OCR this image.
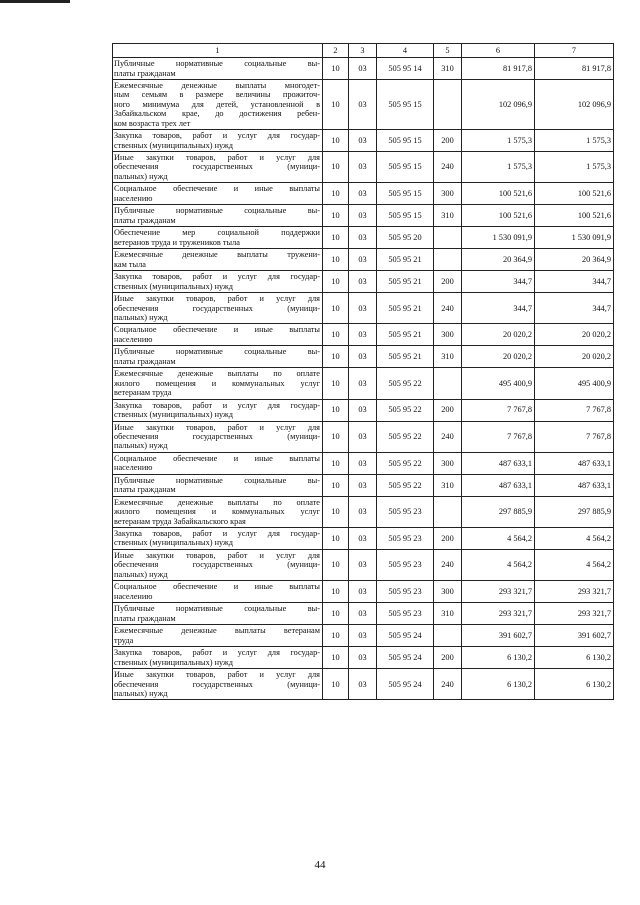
1	2	3	4	5	6	7

Публичные нормативные социальные вы-
платы гражданам	10	03	505 95 14	310	81 917,8	81 917,8

Ежемесячные денежные выплаты многодет-
ным семьям в размере величины прожиточ-
ного минимума для детей, установленной в
Забайкальском крае, до достижения ребен-
ком возраста трех лет	10	03	505 95 15		102 096,9	102 096,9

Закупка товаров, работ и услуг для государ-
ственных (муниципальных) нужд	10	03	505 95 15	200	1 575,3	1 575,3

Иные закупки товаров, работ и услуг для
обеспечения государственных (муници-
пальных) нужд	10	03	505 95 15	240	1 575,3	1 575,3

Социальное обеспечение и иные выплаты
населению	10	03	505 95 15	300	100 521,6	100 521,6

Публичные нормативные социальные вы-
платы гражданам	10	03	505 95 15	310	100 521,6	100 521,6

Обеспечение мер социальной поддержки
ветеранов труда и тружеников тыла	10	03	505 95 20		1 530 091,9	1 530 091,9

Ежемесячные денежные выплаты тружени-
кам тыла	10	03	505 95 21		20 364,9	20 364,9

Закупка товаров, работ и услуг для государ-
ственных (муниципальных) нужд	10	03	505 95 21	200	344,7	344,7

Иные закупки товаров, работ и услуг для
обеспечения государственных (муници-
пальных) нужд	10	03	505 95 21	240	344,7	344,7

Социальное обеспечение и иные выплаты
населению	10	03	505 95 21	300	20 020,2	20 020,2

Публичные нормативные социальные вы-
платы гражданам	10	03	505 95 21	310	20 020,2	20 020,2

Ежемесячные денежные выплаты по оплате
жилого помещения и коммунальных услуг
ветеранам труда	10	03	505 95 22		495 400,9	495 400,9

Закупка товаров, работ и услуг для государ-
ственных (муниципальных) нужд	10	03	505 95 22	200	7 767,8	7 767,8

Иные закупки товаров, работ и услуг для
обеспечения государственных (муници-
пальных) нужд	10	03	505 95 22	240	7 767,8	7 767,8

Социальное обеспечение и иные выплаты
населению	10	03	505 95 22	300	487 633,1	487 633,1

Публичные нормативные социальные вы-
платы гражданам	10	03	505 95 22	310	487 633,1	487 633,1

Ежемесячные денежные выплаты по оплате
жилого помещения и коммунальных услуг
ветеранам труда Забайкальского края	10	03	505 95 23		297 885,9	297 885,9

Закупка товаров, работ и услуг для государ-
ственных (муниципальных) нужд	10	03	505 95 23	200	4 564,2	4 564,2

Иные закупки товаров, работ и услуг для
обеспечения государственных (муници-
пальных) нужд	10	03	505 95 23	240	4 564,2	4 564,2

Социальное обеспечение и иные выплаты
населению	10	03	505 95 23	300	293 321,7	293 321,7

Публичные нормативные социальные вы-
платы гражданам	10	03	505 95 23	310	293 321,7	293 321,7

Ежемесячные денежные выплаты ветеранам
труда	10	03	505 95 24		391 602,7	391 602,7

Закупка товаров, работ и услуг для государ-
ственных (муниципальных) нужд	10	03	505 95 24	200	6 130,2	6 130,2

Иные закупки товаров, работ и услуг для
обеспечения государственных (муници-
пальных) нужд	10	03	505 95 24	240	6 130,2	6 130,2
44
